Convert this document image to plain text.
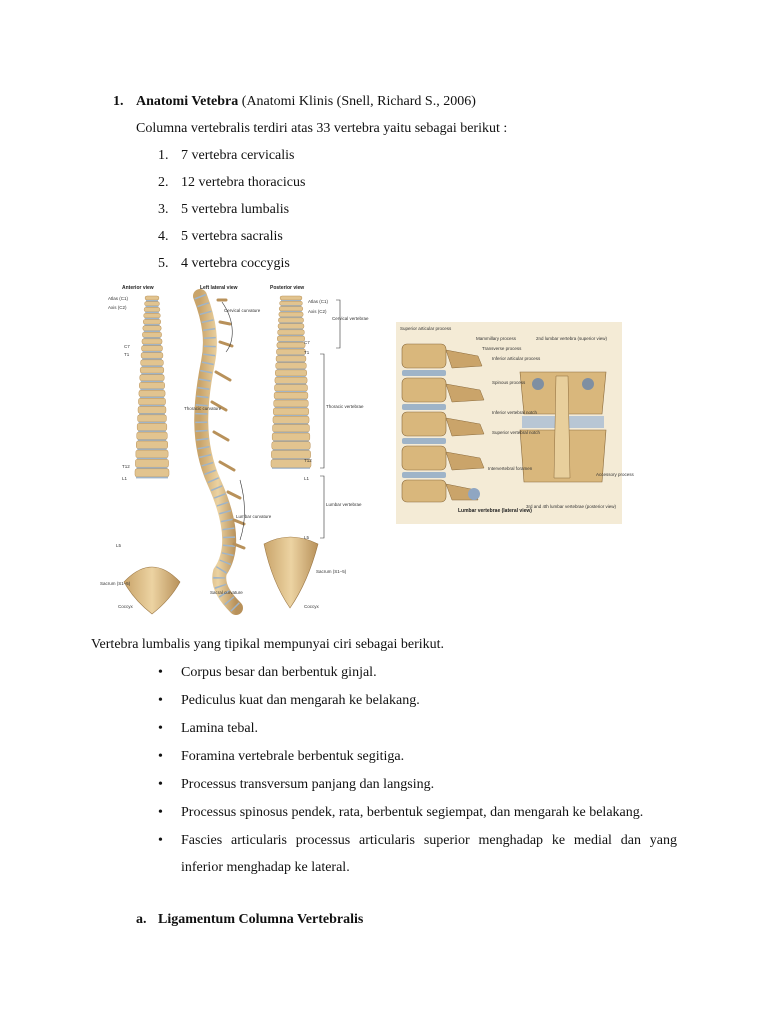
1. Anatomi Vetebra (Anatomi Klinis (Snell, Richard S., 2006)
Columna vertebralis terdiri atas 33 vertebra yaitu sebagai berikut :
1. 7 vertebra cervicalis
2. 12 vertebra thoracicus
3. 5 vertebra lumbalis
4. 5 vertebra sacralis
5. 4 vertebra coccygis
Anterior view	Left lateral view	Posterior view
Atlas (C1)
Axis (C2)
C7
T1
T12
L1
L5
Sacrum (S1–5)
Coccyx
Cervical curvature
Thoracic curvature
Lumbar curvature
Sacral curvature
Atlas (C1)
Axis (C2)
C7
T1
T12
L1
L5
Sacrum (S1–5)
Coccyx
Cervical vertebrae
Thoracic vertebrae
Lumbar vertebrae
Superior articular process
Mammillary process
Transverse process
Inferior articular process
Spinous process
Inferior vertebral notch
Superior vertebral notch
Intervertebral foramen
Lumbar vertebrae (lateral view)
2nd lumbar vertebra (superior view)
3rd and 4th lumbar vertebrae (posterior view)
Accessory process
Vertebra lumbalis yang tipikal mempunyai ciri sebagai berikut.
• Corpus besar dan berbentuk ginjal.
• Pediculus kuat dan mengarah ke belakang.
• Lamina tebal.
• Foramina vertebrale berbentuk segitiga.
• Processus transversum panjang dan langsing.
• Processus spinosus pendek, rata, berbentuk segiempat, dan mengarah ke belakang.
• Fascies articularis processus articularis superior menghadap ke medial dan yang
inferior menghadap ke lateral.
a. Ligamentum Columna Vertebralis
